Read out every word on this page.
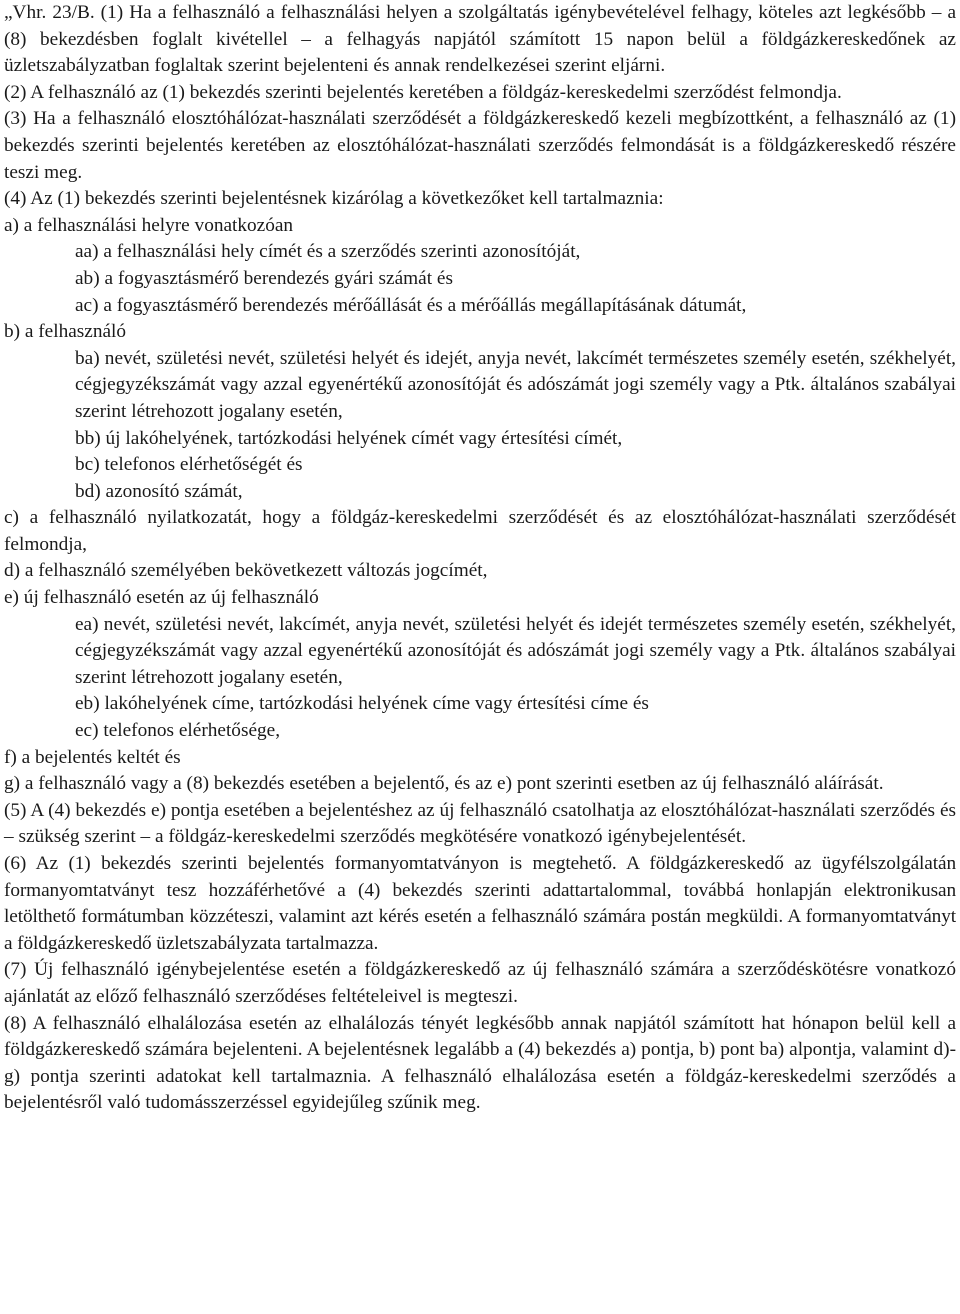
„Vhr. 23/B. (1) Ha a felhasználó a felhasználási helyen a szolgáltatás igénybevételével felhagy, köteles azt legkésőbb – a (8) bekezdésben foglalt kivétellel – a felhagyás napjától számított 15 napon belül a földgázkereskedőnek az üzletszabályzatban foglaltak szerint bejelenteni és annak rendelkezései szerint eljárni.

(2) A felhasználó az (1) bekezdés szerinti bejelentés keretében a földgáz-kereskedelmi szerződést felmondja.

(3) Ha a felhasználó elosztóhálózat-használati szerződését a földgázkereskedő kezeli megbízottként, a felhasználó az (1) bekezdés szerinti bejelentés keretében az elosztóhálózat-használati szerződés felmondását is a földgázkereskedő részére teszi meg.

(4) Az (1) bekezdés szerinti bejelentésnek kizárólag a következőket kell tartalmaznia:

a) a felhasználási helyre vonatkozóan

aa) a felhasználási hely címét és a szerződés szerinti azonosítóját,

ab) a fogyasztásmérő berendezés gyári számát és

ac) a fogyasztásmérő berendezés mérőállását és a mérőállás megállapításának dátumát,

b) a felhasználó

ba) nevét, születési nevét, születési helyét és idejét, anyja nevét, lakcímét természetes személy esetén, székhelyét, cégjegyzékszámát vagy azzal egyenértékű azonosítóját és adószámát jogi személy vagy a Ptk. általános szabályai szerint létrehozott jogalany esetén,

bb) új lakóhelyének, tartózkodási helyének címét vagy értesítési címét,

bc) telefonos elérhetőségét és

bd) azonosító számát,

c) a felhasználó nyilatkozatát, hogy a földgáz-kereskedelmi szerződését és az elosztóhálózat-használati szerződését felmondja,

d) a felhasználó személyében bekövetkezett változás jogcímét,

e) új felhasználó esetén az új felhasználó

ea) nevét, születési nevét, lakcímét, anyja nevét, születési helyét és idejét természetes személy esetén, székhelyét, cégjegyzékszámát vagy azzal egyenértékű azonosítóját és adószámát jogi személy vagy a Ptk. általános szabályai szerint létrehozott jogalany esetén,

eb) lakóhelyének címe, tartózkodási helyének címe vagy értesítési címe és

ec) telefonos elérhetősége,

f) a bejelentés keltét és

g) a felhasználó vagy a (8) bekezdés esetében a bejelentő, és az e) pont szerinti esetben az új felhasználó aláírását.

(5) A (4) bekezdés e) pontja esetében a bejelentéshez az új felhasználó csatolhatja az elosztóhálózat-használati szerződés és – szükség szerint – a földgáz-kereskedelmi szerződés megkötésére vonatkozó igénybejelentését.

(6) Az (1) bekezdés szerinti bejelentés formanyomtatványon is megtehető. A földgázkereskedő az ügyfélszolgálatán formanyomtatványt tesz hozzáférhetővé a (4) bekezdés szerinti adattartalommal, továbbá honlapján elektronikusan letölthető formátumban közzéteszi, valamint azt kérés esetén a felhasználó számára postán megküldi. A formanyomtatványt a földgázkereskedő üzletszabályzata tartalmazza.

(7) Új felhasználó igénybejelentése esetén a földgázkereskedő az új felhasználó számára a szerződéskötésre vonatkozó ajánlatát az előző felhasználó szerződéses feltételeivel is megteszi.

(8) A felhasználó elhalálozása esetén az elhalálozás tényét legkésőbb annak napjától számított hat hónapon belül kell a földgázkereskedő számára bejelenteni. A bejelentésnek legalább a (4) bekezdés a) pontja, b) pont ba) alpontja, valamint d)-g) pontja szerinti adatokat kell tartalmaznia. A felhasználó elhalálozása esetén a földgáz-kereskedelmi szerződés a bejelentésről való tudomásszerzéssel egyidejűleg szűnik meg.
